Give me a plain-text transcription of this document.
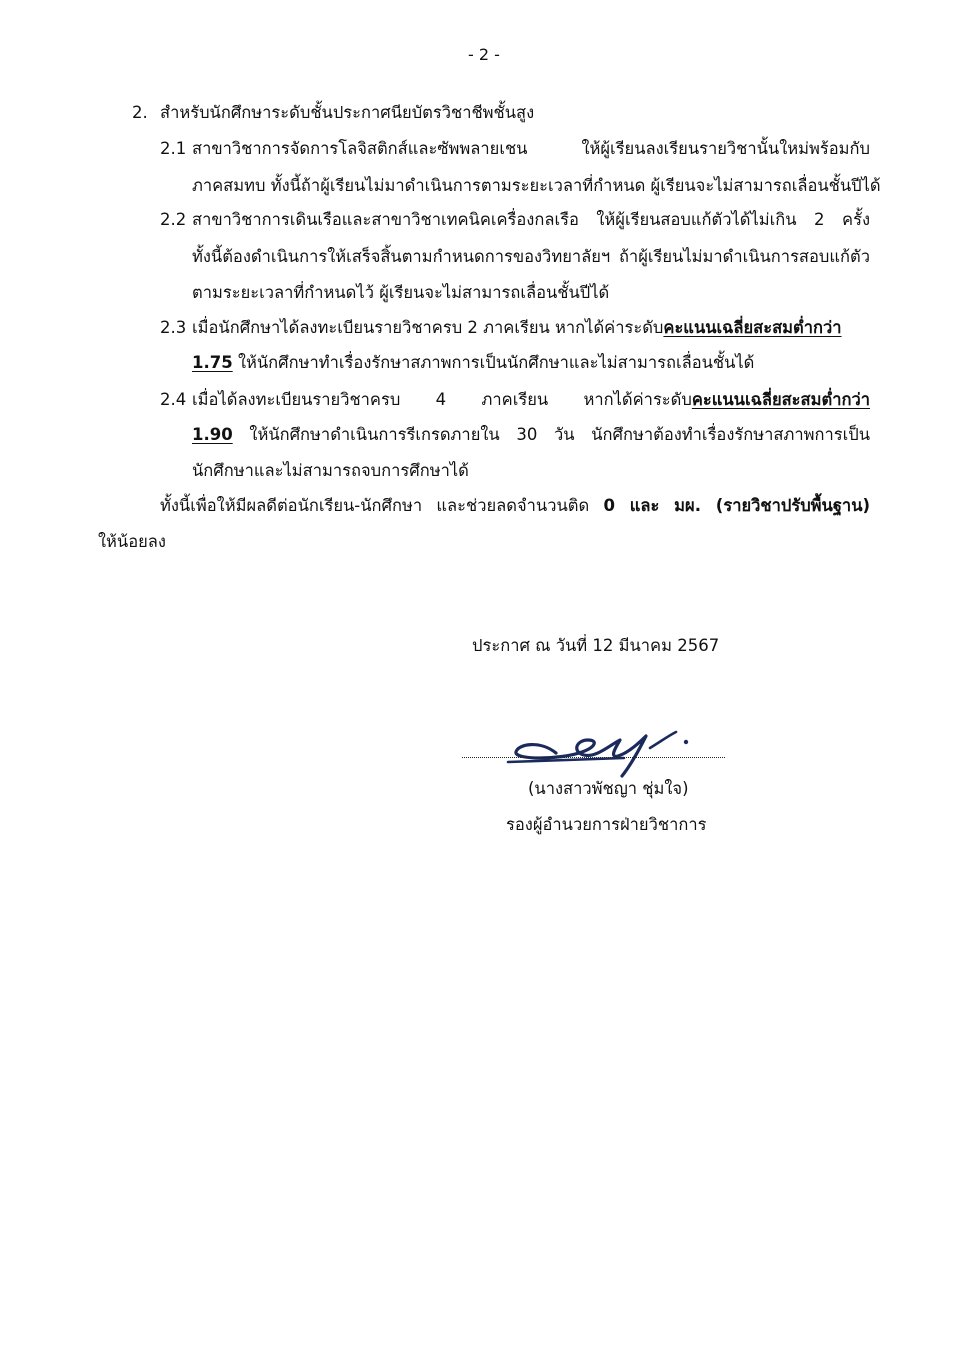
- 2 -
2. สำหรับนักศึกษาระดับชั้นประกาศนียบัตรวิชาชีพชั้นสูง
2.1 สาขาวิชาการจัดการโลจิสติกส์และซัพพลายเชน ให้ผู้เรียนลงเรียนรายวิชานั้นใหม่พร้อมกับ
ภาคสมทบ ทั้งนี้ถ้าผู้เรียนไม่มาดำเนินการตามระยะเวลาที่กำหนด ผู้เรียนจะไม่สามารถเลื่อนชั้นปีได้
2.2 สาขาวิชาการเดินเรือและสาขาวิชาเทคนิคเครื่องกลเรือ ให้ผู้เรียนสอบแก้ตัวได้ไม่เกิน 2 ครั้ง
ทั้งนี้ต้องดำเนินการให้เสร็จสิ้นตามกำหนดการของวิทยาลัยฯ ถ้าผู้เรียนไม่มาดำเนินการสอบแก้ตัว
ตามระยะเวลาที่กำหนดไว้ ผู้เรียนจะไม่สามารถเลื่อนชั้นปีได้
2.3 เมื่อนักศึกษาได้ลงทะเบียนรายวิชาครบ 2 ภาคเรียน หากได้ค่าระดับคะแนนเฉลี่ยสะสมต่ำกว่า
1.75 ให้นักศึกษาทำเรื่องรักษาสภาพการเป็นนักศึกษาและไม่สามารถเลื่อนชั้นได้
2.4 เมื่อได้ลงทะเบียนรายวิชาครบ 4 ภาคเรียน หากได้ค่าระดับคะแนนเฉลี่ยสะสมต่ำกว่า
1.90 ให้นักศึกษาดำเนินการรีเกรดภายใน 30 วัน นักศึกษาต้องทำเรื่องรักษาสภาพการเป็น
นักศึกษาและไม่สามารถจบการศึกษาได้
ทั้งนี้เพื่อให้มีผลดีต่อนักเรียน-นักศึกษา และช่วยลดจำนวนติด 0 และ มผ. (รายวิชาปรับพื้นฐาน)
ให้น้อยลง
ประกาศ ณ วันที่ 12 มีนาคม 2567
(นางสาวพัชญา ชุ่มใจ)
รองผู้อำนวยการฝ่ายวิชาการ
